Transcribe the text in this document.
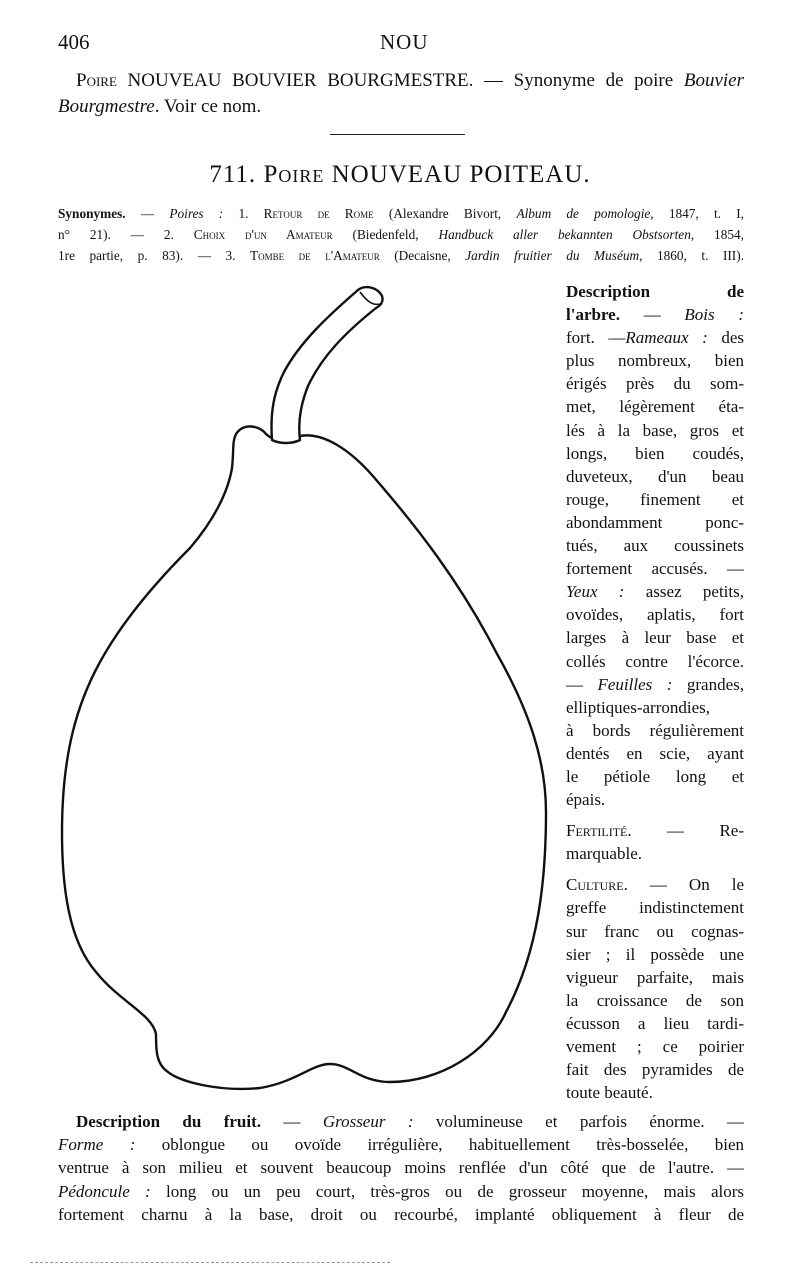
406	NOU
Poire NOUVEAU BOUVIER BOURGMESTRE. — Synonyme de poire Bouvier
Bourgmestre. Voir ce nom.
711. Poire NOUVEAU POITEAU.
Synonymes. — Poires : 1. Retour de Rome (Alexandre Bivort, Album de pomologie, 1847, t. I,
n° 21). — 2. Choix d'un Amateur (Biedenfeld, Handbuck aller bekannten Obstsorten, 1854,
1re partie, p. 83). — 3. Tombe de l'Amateur (Decaisne, Jardin fruitier du Muséum, 1860, t. III).
Description de
l'arbre. — Bois :
fort. —Rameaux : des
plus nombreux, bien
érigés près du som-
met, légèrement éta-
lés à la base, gros et
longs, bien coudés,
duveteux, d'un beau
rouge, finement et
abondamment ponc-
tués, aux coussinets
fortement accusés. —
Yeux : assez petits,
ovoïdes, aplatis, fort
larges à leur base et
collés contre l'écorce.
— Feuilles : grandes,
elliptiques-arrondies,
à bords régulièrement
dentés en scie, ayant
le pétiole long et
épais.
Fertilité. — Re-
marquable.
Culture. — On le
greffe indistinctement
sur franc ou cognas-
sier ; il possède une
vigueur parfaite, mais
la croissance de son
écusson a lieu tardi-
vement ; ce poirier
fait des pyramides de
toute beauté.
Description du fruit. — Grosseur : volumineuse et parfois énorme. —
Forme : oblongue ou ovoïde irrégulière, habituellement très-bosselée, bien
ventrue à son milieu et souvent beaucoup moins renflée d'un côté que de l'autre. —
Pédoncule : long ou un peu court, très-gros ou de grosseur moyenne, mais alors
fortement charnu à la base, droit ou recourbé, implanté obliquement à fleur de
